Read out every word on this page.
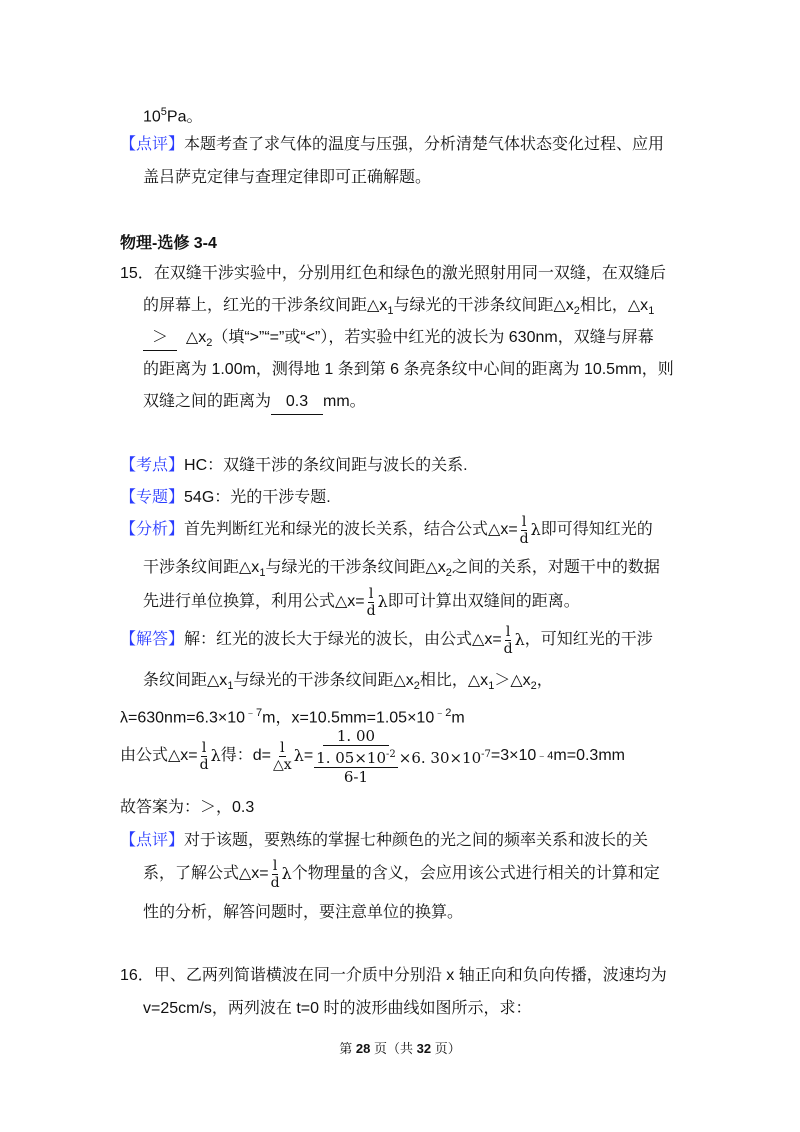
$10^5Pa$。
【点评】本题考查了求气体的温度与压强，分析清楚气体状态变化过程、应用
盖吕萨克定律与查理定律即可正确解题。
物理-选修 3-4
15．在双缝干涉实验中，分别用红色和绿色的激光照射用同一双缝，在双缝后
的屏幕上，红光的干涉条纹间距$\triangle x_1$与绿光的干涉条纹间距$\triangle x_2$相比，$\triangle x_1$
＞ $\triangle x_2$（填“>”“=”或“<”），若实验中红光的波长为 630nm，双缝与屏幕
的距离为 1.00m，测得地 1 条到第 6 条亮条纹中心间的距离为 10.5mm，则
双缝之间的距离为 0.3 mm。
【考点】HC：双缝干涉的条纹间距与波长的关系.
【专题】54G：光的干涉专题.
【分析】 首先判断红光和绿光的波长关系，结合公式△x= $\frac{l}{d}$ λ 即可得知红光的
干涉条纹间距$\triangle x_1$与绿光的干涉条纹间距$\triangle x_2$之间的关系，对题干中的数据
先进行单位换算，利用公式△x= $\frac{l}{d}$ λ 即可计算出双缝间的距离。
【解答】 解：红光的波长大于绿光的波长，由公式△x= $\frac{l}{d}$ λ ，可知红光的干涉
条纹间距$\triangle x_1$与绿光的干涉条纹间距$\triangle x_2$相比，$\triangle x_1>\triangle x_2$，
$\lambda=630nm=6.3\times 10^{﹣7}m$，$x=10.5mm=1.05\times 10^{﹣2}m$
由公式△x= $\frac{l}{d}$ λ 得：$d= \frac{l}{\triangle x}$ λ =
1. 00
1. $05\times 10^{-2}$
6-1
×6. $30\times 10^{-7} =3\times 10$ ﹣4 m=0.3mm
故答案为：＞，0.3
【点评】对于该题，要熟练的掌握七种颜色的光之间的频率关系和波长的关
系，了解公式△x= $\frac{l}{d}$ λ 个物理量的含义，会应用该公式进行相关的计算和定
性的分析，解答问题时，要注意单位的换算。
16．甲、乙两列简谐横波在同一介质中分别沿 x 轴正向和负向传播，波速均为
v=25cm/s，两列波在 t=0 时的波形曲线如图所示，求：
第 28 页（共 32 页）
